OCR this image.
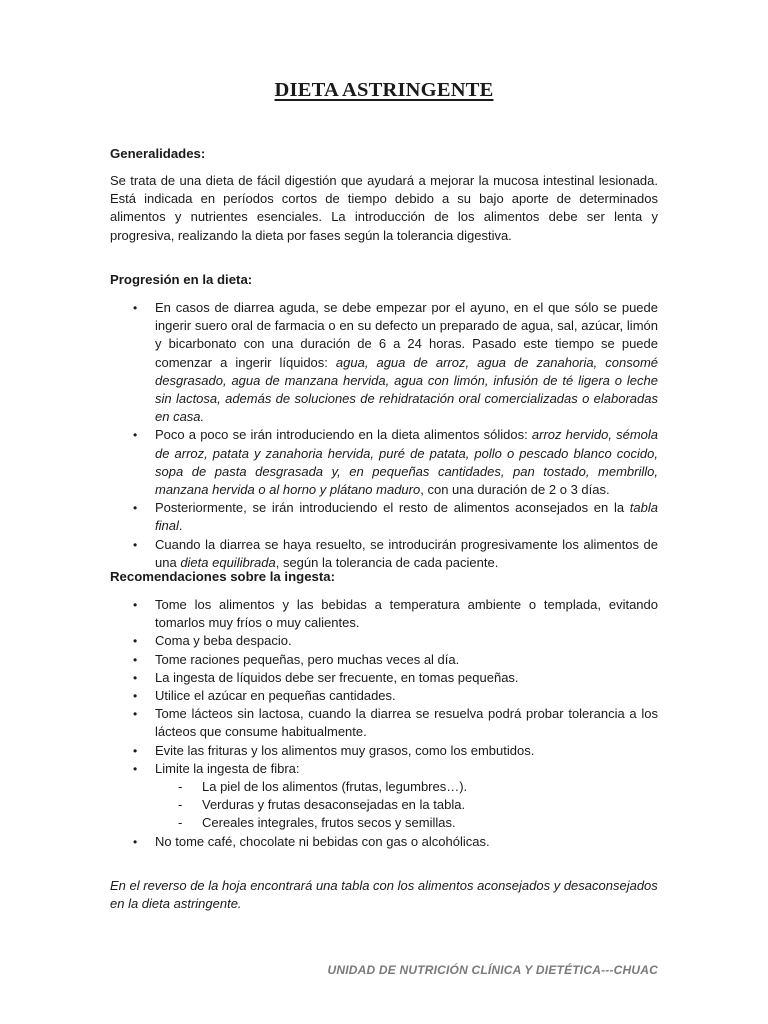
DIETA ASTRINGENTE
Generalidades:

Se trata de una dieta de fácil digestión que ayudará a mejorar la mucosa intestinal lesionada. Está indicada en períodos cortos de tiempo debido a su bajo aporte de determinados alimentos y nutrientes esenciales. La introducción de los alimentos debe ser lenta y progresiva, realizando la dieta por fases según la tolerancia digestiva.

Progresión en la dieta:
• En casos de diarrea aguda, se debe empezar por el ayuno, en el que sólo se puede ingerir suero oral de farmacia o en su defecto un preparado de agua, sal, azúcar, limón y bicarbonato con una duración de 6 a 24 horas. Pasado este tiempo se puede comenzar a ingerir líquidos: agua, agua de arroz, agua de zanahoria, consomé desgrasado, agua de manzana hervida, agua con limón, infusión de té ligera o leche sin lactosa, además de soluciones de rehidratación oral comercializadas o elaboradas en casa.
• Poco a poco se irán introduciendo en la dieta alimentos sólidos: arroz hervido, sémola de arroz, patata y zanahoria hervida, puré de patata, pollo o pescado blanco cocido, sopa de pasta desgrasada y, en pequeñas cantidades, pan tostado, membrillo, manzana hervida o al horno y plátano maduro, con una duración de 2 o 3 días.
• Posteriormente, se irán introduciendo el resto de alimentos aconsejados en la tabla final.
• Cuando la diarrea se haya resuelto, se introducirán progresivamente los alimentos de una dieta equilibrada, según la tolerancia de cada paciente.
Recomendaciones sobre la ingesta:
• Tome los alimentos y las bebidas a temperatura ambiente o templada, evitando tomarlos muy fríos o muy calientes.
• Coma y beba despacio.
• Tome raciones pequeñas, pero muchas veces al día.
• La ingesta de líquidos debe ser frecuente, en tomas pequeñas.
• Utilice el azúcar en pequeñas cantidades.
• Tome lácteos sin lactosa, cuando la diarrea se resuelva podrá probar tolerancia a los lácteos que consume habitualmente.
• Evite las frituras y los alimentos muy grasos, como los embutidos.
• Limite la ingesta de fibra:
- La piel de los alimentos (frutas, legumbres…).
- Verduras y frutas desaconsejadas en la tabla.
- Cereales integrales, frutos secos y semillas.
• No tome café, chocolate ni bebidas con gas o alcohólicas.

En el reverso de la hoja encontrará una tabla con los alimentos aconsejados y desaconsejados en la dieta astringente.

UNIDAD DE NUTRICIÓN CLÍNICA Y DIETÉTICA---CHUAC
